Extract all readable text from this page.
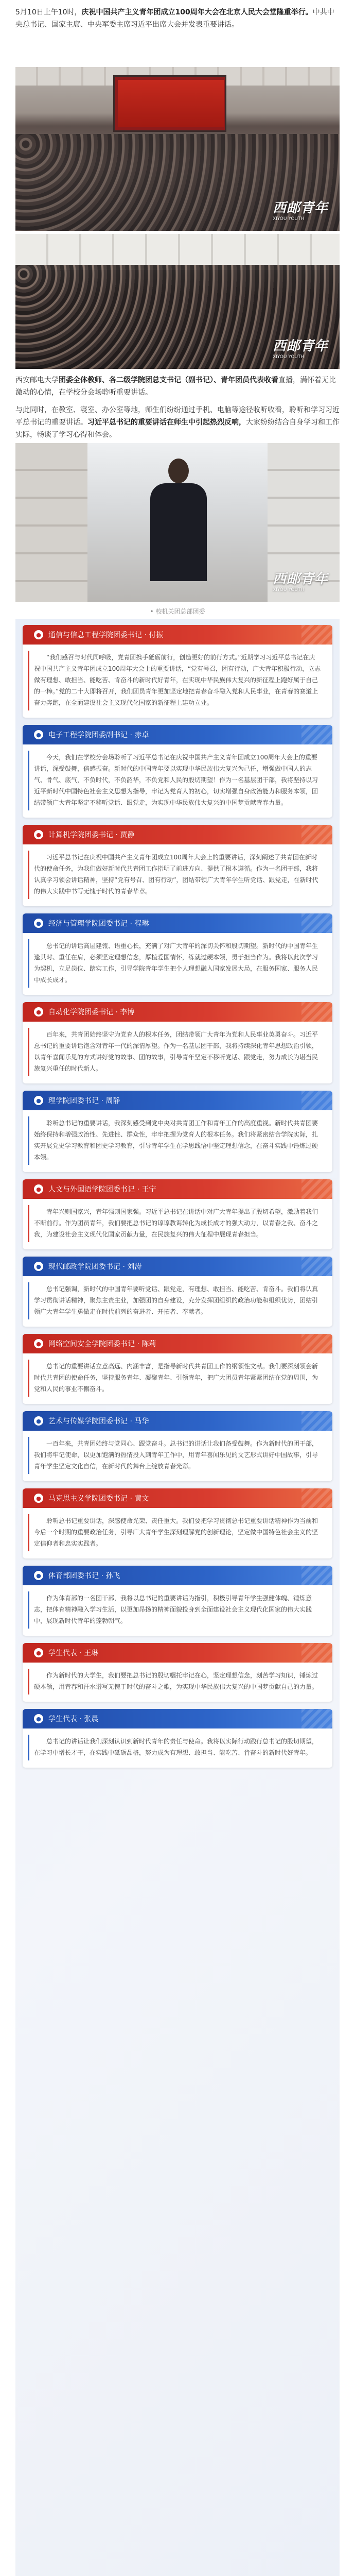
5月10日上午10时，庆祝中国共产主义青年团成立100周年大会在北京人民大会堂隆重举行。中共中央总书记、国家主席、中央军委主席习近平出席大会并发表重要讲话。
西邮青年
XIYOU YOUTH
西邮青年
XIYOU YOUTH
西安邮电大学团委全体教师、各二级学院团总支书记（副书记）、青年团员代表收看直播，满怀着无比激动的心情，在学校分会场聆听重要讲话。
与此同时，在教室、寝室、办公室等地，师生们纷纷通过手机、电脑等途径收听收看，聆听和学习习近平总书记的重要讲话。习近平总书记的重要讲话在师生中引起热烈反响，大家纷纷结合自身学习和工作实际，畅谈了学习心得和体会。
西邮青年
XIYOU YOUTH
• 校机关团总部团委
●	通信与信息工程学院团委书记 · 付振

“我们感召与时代同呼吸，党青团携手砥砺前行，创造更好的前行方式。”近期学习习近平总书记在庆祝中国共产主义青年团成立100周年大会上的重要讲话，“党有号召，团有行动，广大青年积极行动，立志做有理想、敢担当、能吃苦、肯奋斗的新时代好青年，在实现中华民族伟大复兴的新征程上跑好属于自己的一棒。”党的二十大即将召开，我们团员青年更加坚定地把青春奋斗融入党和人民事业，在青春的赛道上奋力奔跑，在全面建设社会主义现代化国家的新征程上建功立业。

●	电子工程学院团委副书记 · 赤卓

今天，我们在学校分会场聆听了习近平总书记在庆祝中国共产主义青年团成立100周年大会上的重要讲话，深受鼓舞，倍感振奋。新时代的中国青年要以实现中华民族伟大复兴为己任，增强做中国人的志气、骨气、底气，不负时代，不负韶华，不负党和人民的殷切期望！作为一名基层团干部，我将坚持以习近平新时代中国特色社会主义思想为指导，牢记为党育人的初心，切实增强自身政治能力和服务本领，团结带领广大青年坚定不移听党话、跟党走，为实现中华民族伟大复兴的中国梦贡献青春力量。

●	计算机学院团委书记 · 贾静

习近平总书记在庆祝中国共产主义青年团成立100周年大会上的重要讲话，深刻阐述了共青团在新时代的使命任务，为我们做好新时代共青团工作指明了前进方向、提供了根本遵循。作为一名团干部，我将认真学习领会讲话精神，坚持“党有号召、团有行动”，团结带领广大青年学生听党话、跟党走，在新时代的伟大实践中书写无愧于时代的青春华章。

●	经济与管理学院团委书记 · 程琳

总书记的讲话高屋建瓴、语重心长，充满了对广大青年的深切关怀和殷切期望。新时代的中国青年生逢其时、重任在肩，必须坚定理想信念，厚植爱国情怀，练就过硬本领，勇于担当作为。我将以此次学习为契机，立足岗位、踏实工作，引导学院青年学生把个人理想融入国家发展大局，在服务国家、服务人民中成长成才。

●	自动化学院团委书记 · 李博

百年来，共青团始终坚守为党育人的根本任务，团结带领广大青年为党和人民事业英勇奋斗。习近平总书记的重要讲话饱含对青年一代的深情厚望。作为一名基层团干部，我将持续深化青年思想政治引领，以青年喜闻乐见的方式讲好党的故事、团的故事，引导青年坚定不移听党话、跟党走，努力成长为堪当民族复兴重任的时代新人。

●	理学院团委书记 · 周静

聆听总书记的重要讲话，我深刻感受到党中央对共青团工作和青年工作的高度重视。新时代共青团要始终保持和增强政治性、先进性、群众性，牢牢把握为党育人的根本任务。我们将紧密结合学院实际，扎实开展党史学习教育和团史学习教育，引导青年学生在学思践悟中坚定理想信念，在奋斗实践中锤炼过硬本领。

●	人文与外国语学院团委书记 · 王宁

青年兴则国家兴，青年强则国家强。习近平总书记在讲话中对广大青年提出了殷切希望，激励着我们不断前行。作为团员青年，我们要把总书记的谆谆教诲转化为成长成才的强大动力，以青春之我、奋斗之我，为建设社会主义现代化国家贡献力量，在民族复兴的伟大征程中展现青春担当。

●	现代邮政学院团委书记 · 刘涛

总书记强调，新时代的中国青年要听党话、跟党走，有理想、敢担当、能吃苦、肯奋斗。我们将认真学习贯彻讲话精神，聚焦主责主业，加强团的自身建设，充分发挥团组织的政治功能和组织优势，团结引领广大青年学生勇做走在时代前列的奋进者、开拓者、奉献者。

●	网络空间安全学院团委书记 · 陈莉

总书记的重要讲话立意高远、内涵丰富，是指导新时代共青团工作的纲领性文献。我们要深刻领会新时代共青团的使命任务，坚持服务青年、凝聚青年、引领青年，把广大团员青年紧紧团结在党的周围，为党和人民的事业不懈奋斗。

●	艺术与传媒学院团委书记 · 马华

一百年来，共青团始终与党同心、跟党奋斗。总书记的讲话让我们备受鼓舞。作为新时代的团干部，我们将牢记使命，以更加饱满的热情投入到青年工作中，用青年喜闻乐见的文艺形式讲好中国故事，引导青年学生坚定文化自信，在新时代的舞台上绽放青春光彩。

●	马克思主义学院团委书记 · 黄文

聆听总书记重要讲话，深感使命光荣、责任重大。我们要把学习贯彻总书记重要讲话精神作为当前和今后一个时期的重要政治任务，引导广大青年学生深刻理解党的创新理论，坚定做中国特色社会主义的坚定信仰者和忠实实践者。

●	体育部团委书记 · 孙飞

作为体育部的一名团干部，我将以总书记的重要讲话为指引，积极引导青年学生强健体魄、锤炼意志，把体育精神融入学习生活，以更加昂扬的精神面貌投身到全面建设社会主义现代化国家的伟大实践中，展现新时代青年的蓬勃朝气。

●	学生代表 · 王琳

作为新时代的大学生，我们要把总书记的殷切嘱托牢记在心，坚定理想信念，刻苦学习知识，锤炼过硬本领，用青春和汗水谱写无愧于时代的奋斗之歌，为实现中华民族伟大复兴的中国梦贡献自己的力量。

●	学生代表 · 张晨

总书记的讲话让我们深刻认识到新时代青年的责任与使命。我将以实际行动践行总书记的殷切期望，在学习中增长才干，在实践中砥砺品格，努力成为有理想、敢担当、能吃苦、肯奋斗的新时代好青年。
